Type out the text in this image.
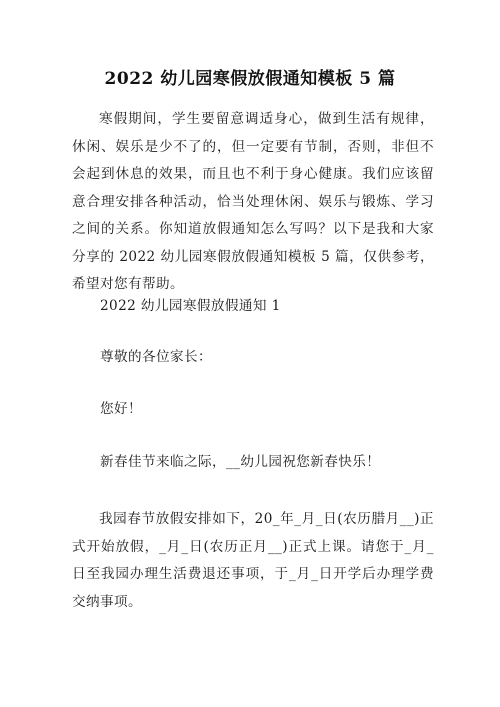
2022 幼儿园寒假放假通知模板 5 篇

寒假期间，学生要留意调适身心，做到生活有规律，休闲、娱乐是少不了的，但一定要有节制，否则，非但不会起到休息的效果，而且也不利于身心健康。我们应该留意合理安排各种活动，恰当处理休闲、娱乐与锻炼、学习之间的关系。你知道放假通知怎么写吗？以下是我和大家分享的 2022 幼儿园寒假放假通知模板 5 篇，仅供参考，希望对您有帮助。

2022 幼儿园寒假放假通知 1

尊敬的各位家长：

您好！

新春佳节来临之际，__幼儿园祝您新春快乐！

我园春节放假安排如下，20_年_月_日(农历腊月__)正式开始放假，_月_日(农历正月__)正式上课。请您于_月_日至我园办理生活费退还事项，于_月_日开学后办理学费交纳事项。
